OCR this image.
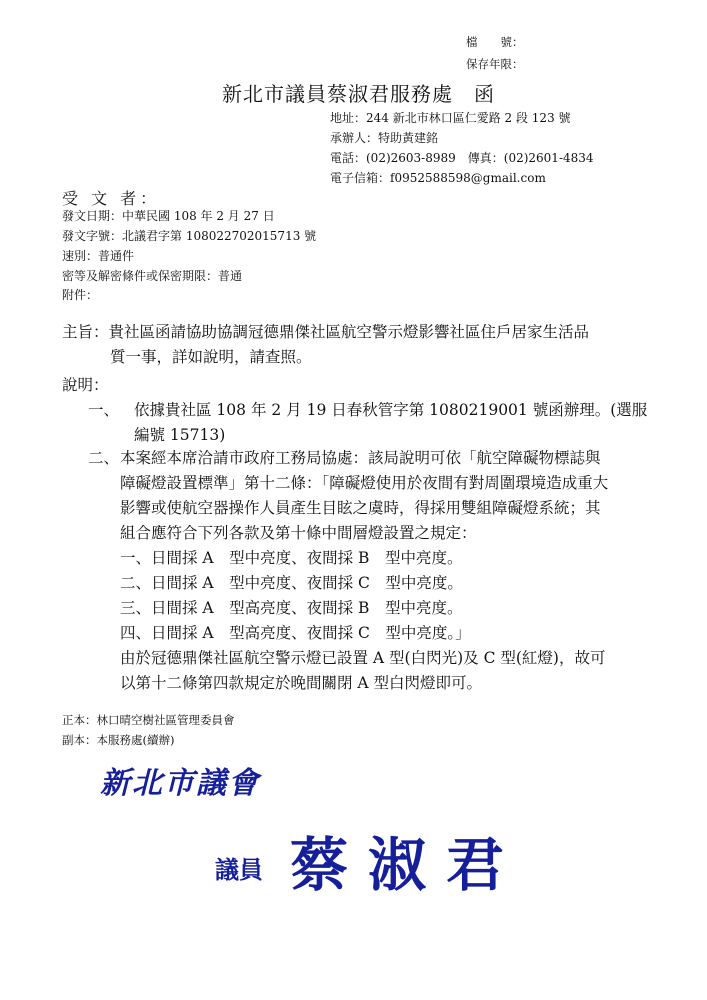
檔　　號：
保存年限：
新北市議員蔡淑君服務處　函
地址：244 新北市林口區仁愛路 2 段 123 號
承辦人：特助黃建銘
電話：(02)2603-8989　傳真：(02)2601-4834
電子信箱：f0952588598@gmail.com
受 文 者：
發文日期：中華民國 108 年 2 月 27 日
發文字號：北議君字第 108022702015713 號
速別：普通件
密等及解密條件或保密期限：普通
附件：
主旨：貴社區函請協助協調冠德鼎傑社區航空警示燈影響社區住戶居家生活品
質一事，詳如說明，請查照。
說明：
一、 依據貴社區 108 年 2 月 19 日春秋管字第 1080219001 號函辦理。(選服
編號 15713)
二、 本案經本席洽請市政府工務局協處：該局說明可依「航空障礙物標誌與
障礙燈設置標準」第十二條：「障礙燈使用於夜間有對周圍環境造成重大
影響或使航空器操作人員產生目眩之虞時，得採用雙組障礙燈系統；其
組合應符合下列各款及第十條中間層燈設置之規定：
一、日間採 A　型中亮度、夜間採 B　型中亮度。
二、日間採 A　型中亮度、夜間採 C　型中亮度。
三、日間採 A　型高亮度、夜間採 B　型中亮度。
四、日間採 A　型高亮度、夜間採 C　型中亮度。」
由於冠德鼎傑社區航空警示燈已設置 A 型(白閃光)及 C 型(紅燈)，故可
以第十二條第四款規定於晚間關閉 A 型白閃燈即可。
正本：林口晴空樹社區管理委員會
副本：本服務處(續辦)
新北市議會
議員 蔡淑君
